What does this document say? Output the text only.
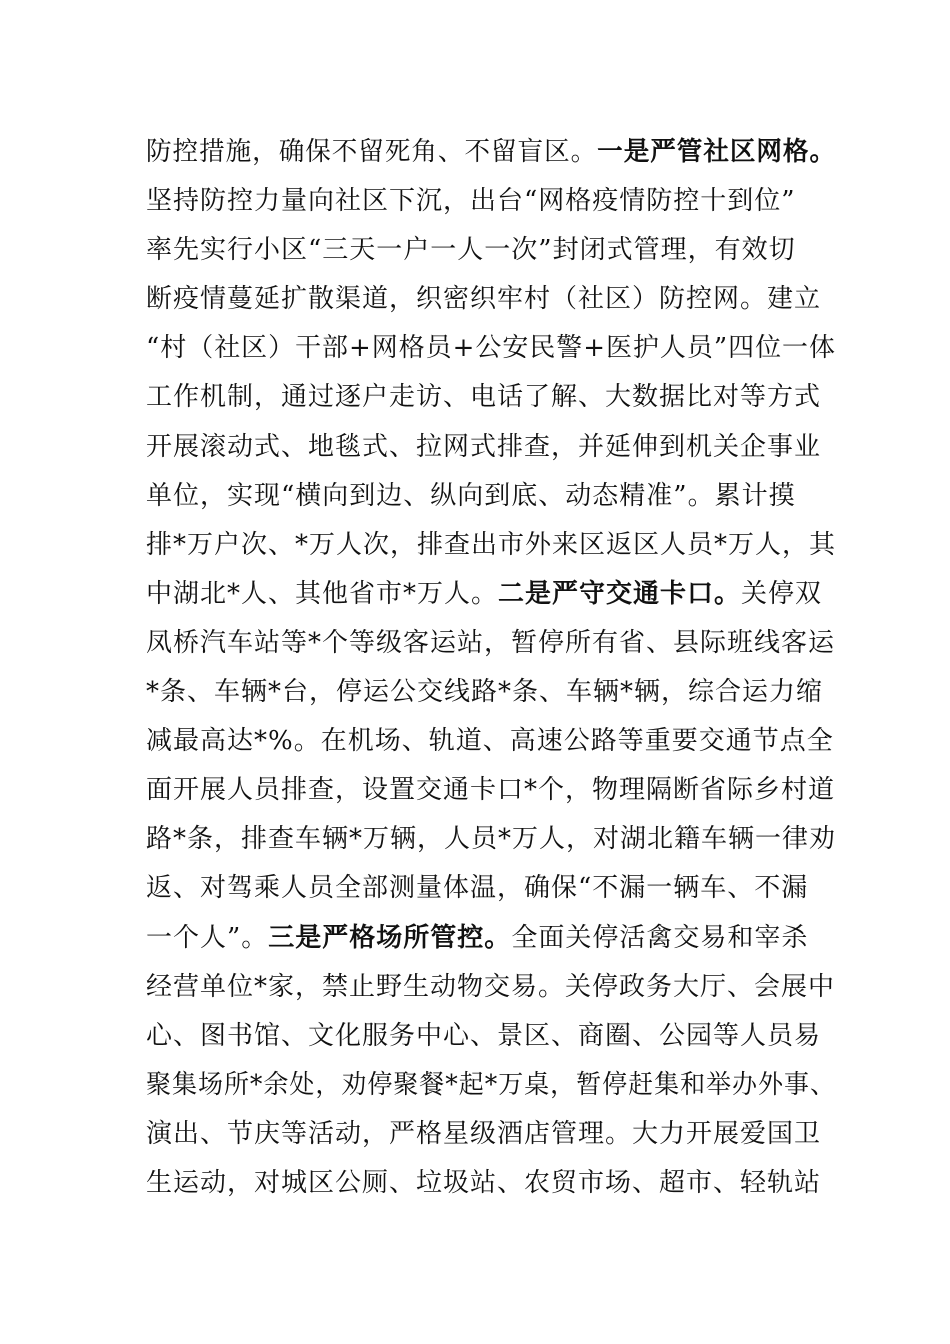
防控措施，确保不留死角、不留盲区。一是严管社区网格。
坚持防控力量向社区下沉，出台“网格疫情防控十到位”
率先实行小区“三天一户一人一次”封闭式管理，有效切
断疫情蔓延扩散渠道，织密织牢村（社区）防控网。建立
“村（社区）干部+网格员+公安民警+医护人员”四位一体
工作机制，通过逐户走访、电话了解、大数据比对等方式
开展滚动式、地毯式、拉网式排查，并延伸到机关企事业
单位，实现“横向到边、纵向到底、动态精准”。累计摸
排*万户次、*万人次，排查出市外来区返区人员*万人，其
中湖北*人、其他省市*万人。二是严守交通卡口。关停双
凤桥汽车站等*个等级客运站，暂停所有省、县际班线客运
*条、车辆*台，停运公交线路*条、车辆*辆，综合运力缩
减最高达*%。在机场、轨道、高速公路等重要交通节点全
面开展人员排查，设置交通卡口*个，物理隔断省际乡村道
路*条，排查车辆*万辆，人员*万人，对湖北籍车辆一律劝
返、对驾乘人员全部测量体温，确保“不漏一辆车、不漏
一个人”。三是严格场所管控。全面关停活禽交易和宰杀
经营单位*家，禁止野生动物交易。关停政务大厅、会展中
心、图书馆、文化服务中心、景区、商圈、公园等人员易
聚集场所*余处，劝停聚餐*起*万桌，暂停赶集和举办外事、
演出、节庆等活动，严格星级酒店管理。大力开展爱国卫
生运动，对城区公厕、垃圾站、农贸市场、超市、轻轨站
